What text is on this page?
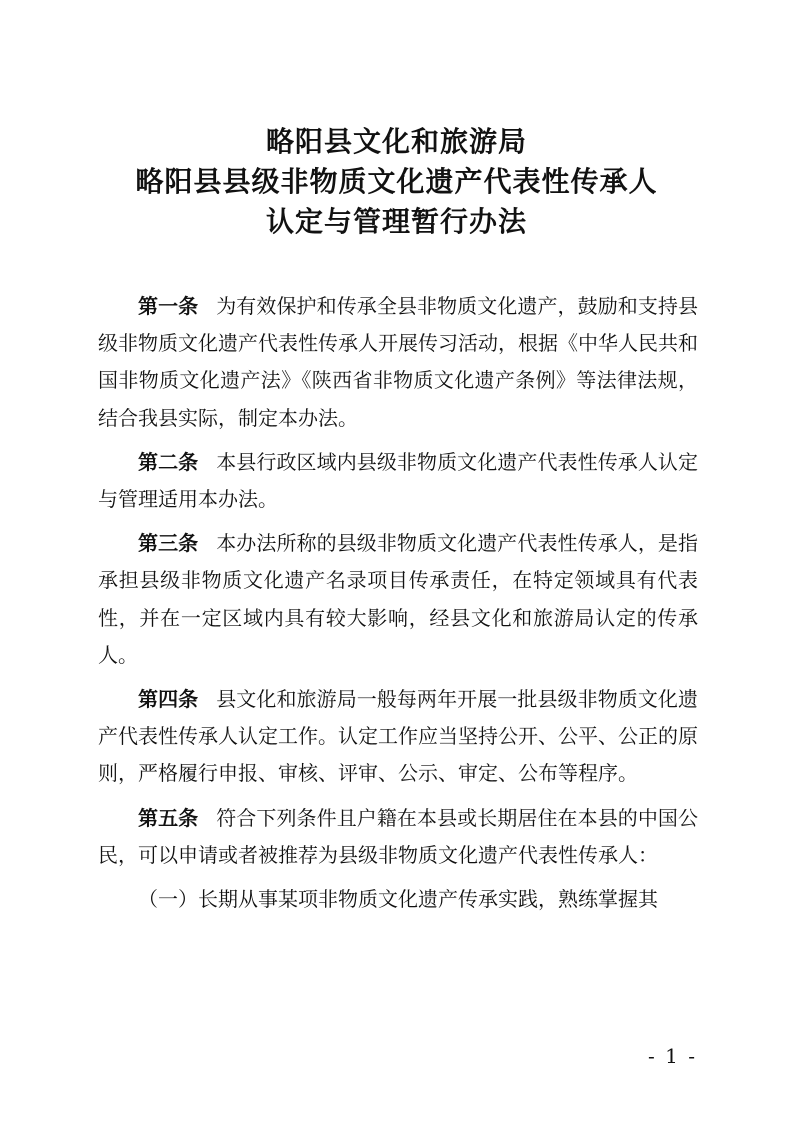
略阳县文化和旅游局
略阳县县级非物质文化遗产代表性传承人
认定与管理暂行办法

第一条 为有效保护和传承全县非物质文化遗产，鼓励和支持县级非物质文化遗产代表性传承人开展传习活动，根据《中华人民共和国非物质文化遗产法》《陕西省非物质文化遗产条例》等法律法规，结合我县实际，制定本办法。

第二条 本县行政区域内县级非物质文化遗产代表性传承人认定与管理适用本办法。

第三条 本办法所称的县级非物质文化遗产代表性传承人，是指承担县级非物质文化遗产名录项目传承责任，在特定领域具有代表性，并在一定区域内具有较大影响，经县文化和旅游局认定的传承人。

第四条 县文化和旅游局一般每两年开展一批县级非物质文化遗产代表性传承人认定工作。认定工作应当坚持公开、公平、公正的原则，严格履行申报、审核、评审、公示、审定、公布等程序。

第五条 符合下列条件且户籍在本县或长期居住在本县的中国公民，可以申请或者被推荐为县级非物质文化遗产代表性传承人：

（一）长期从事某项非物质文化遗产传承实践，熟练掌握其

- 1 -
